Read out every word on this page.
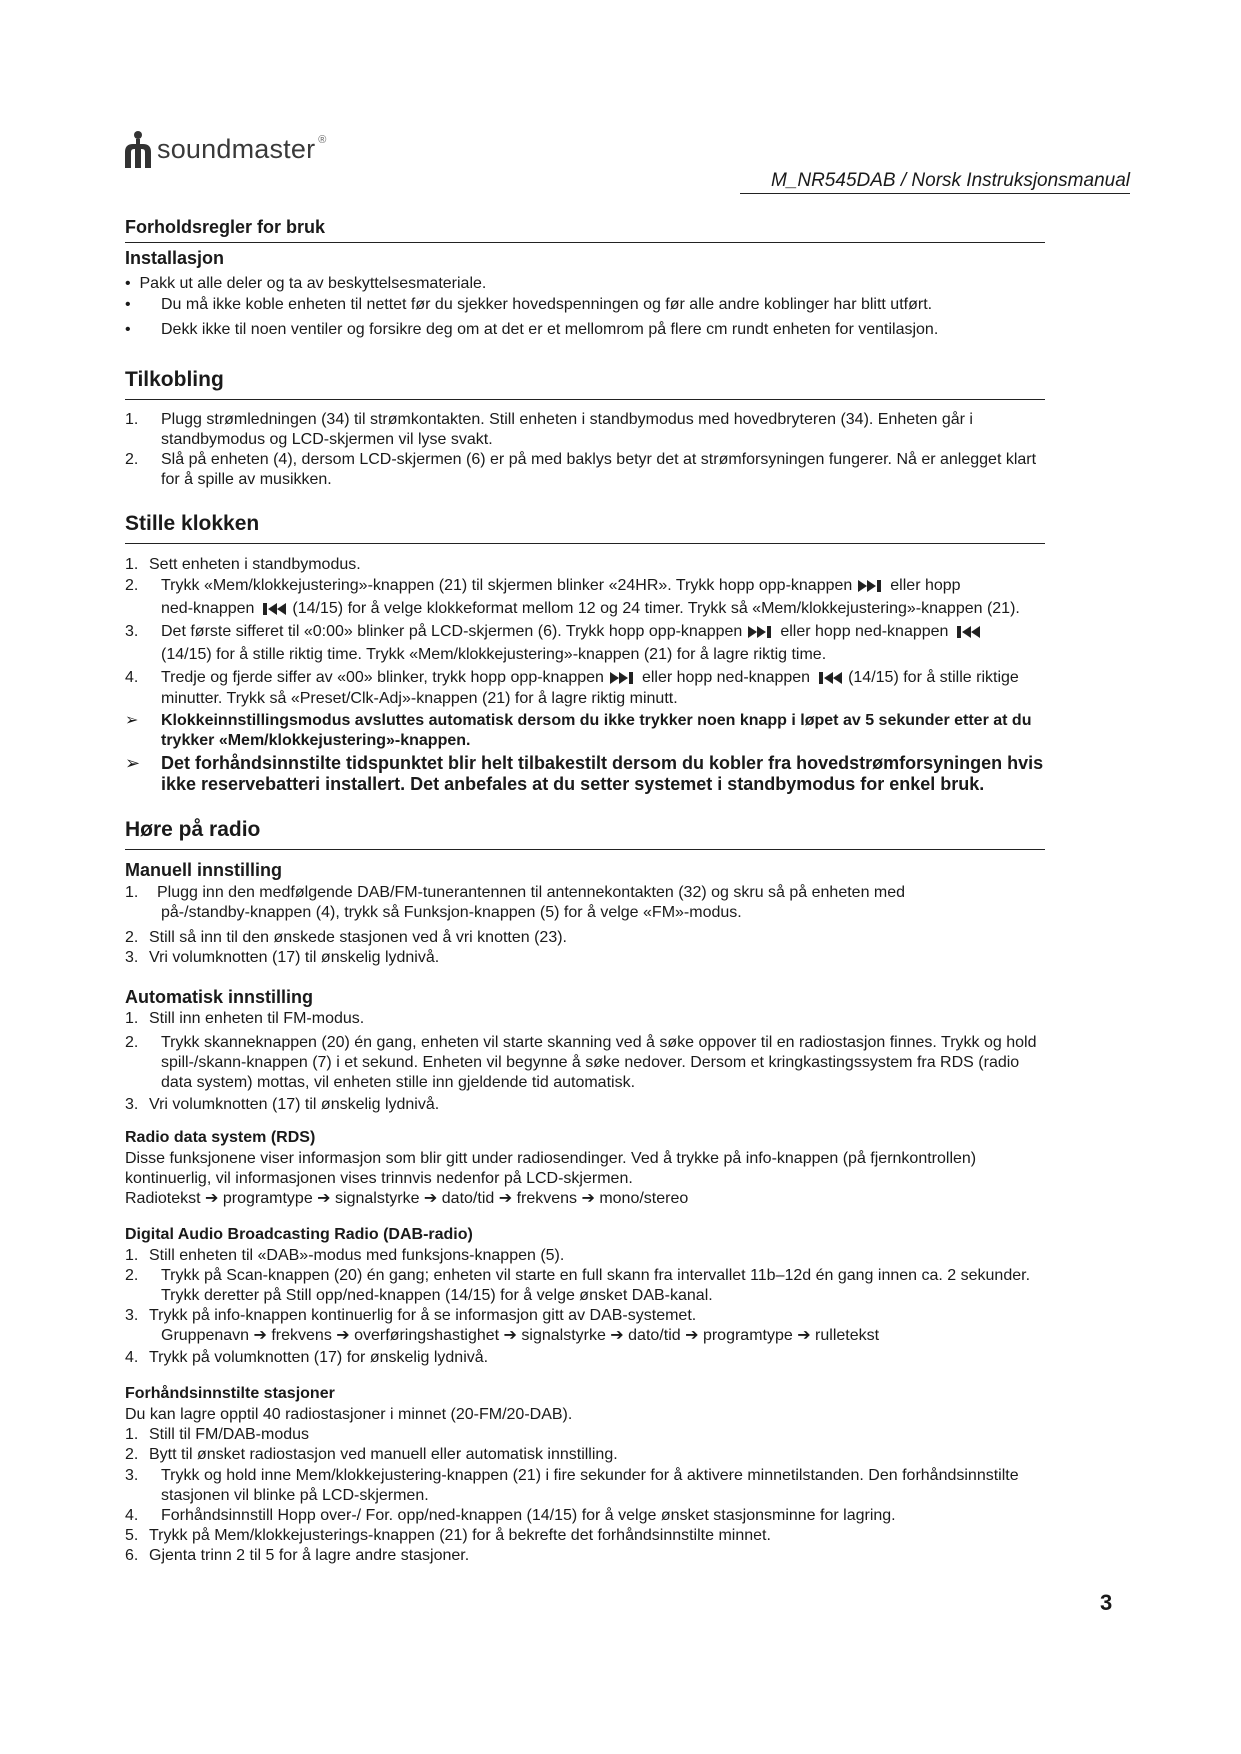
soundmaster ®
M_NR545DAB / Norsk Instruksjonsmanual
Forholdsregler for bruk
Installasjon
•  Pakk ut alle deler og ta av beskyttelsesmateriale.
• Du må ikke koble enheten til nettet før du sjekker hovedspenningen og før alle andre koblinger har blitt utført.
• Dekk ikke til noen ventiler og forsikre deg om at det er et mellomrom på flere cm rundt enheten for ventilasjon.
Tilkobling
1. Plugg strømledningen (34) til strømkontakten. Still enheten i standbymodus med hovedbryteren (34). Enheten går i
standbymodus og LCD-skjermen vil lyse svakt.
2. Slå på enheten (4), dersom LCD-skjermen (6) er på med baklys betyr det at strømforsyningen fungerer. Nå er anlegget klart
for å spille av musikken.
Stille klokken
1. Sett enheten i standbymodus.
2. Trykk «Mem/klokkejustering»-knappen (21) til skjermen blinker «24HR». Trykk hopp opp-knappen eller hopp
ned-knappen (14/15) for å velge klokkeformat mellom 12 og 24 timer. Trykk så «Mem/klokkejustering»-knappen (21).
3. Det første sifferet til «0:00» blinker på LCD-skjermen (6). Trykk hopp opp-knappen eller hopp ned-knappen
(14/15) for å stille riktig time. Trykk «Mem/klokkejustering»-knappen (21) for å lagre riktig time.
4. Tredje og fjerde siffer av «00» blinker, trykk hopp opp-knappen eller hopp ned-knappen (14/15) for å stille riktige
minutter. Trykk så «Preset/Clk-Adj»-knappen (21) for å lagre riktig minutt.
➢ Klokkeinnstillingsmodus avsluttes automatisk dersom du ikke trykker noen knapp i løpet av 5 sekunder etter at du
trykker «Mem/klokkejustering»-knappen.
➢ Det forhåndsinnstilte tidspunktet blir helt tilbakestilt dersom du kobler fra hovedstrømforsyningen hvis
ikke reservebatteri installert. Det anbefales at du setter systemet i standbymodus for enkel bruk.
Høre på radio
Manuell innstilling
1. Plugg inn den medfølgende DAB/FM-tunerantennen til antennekontakten (32) og skru så på enheten med
på-/standby-knappen (4), trykk så Funksjon-knappen (5) for å velge «FM»-modus.
2. Still så inn til den ønskede stasjonen ved å vri knotten (23).
3. Vri volumknotten (17) til ønskelig lydnivå.
Automatisk innstilling
1. Still inn enheten til FM-modus.
2. Trykk skanneknappen (20) én gang, enheten vil starte skanning ved å søke oppover til en radiostasjon finnes. Trykk og hold
spill-/skann-knappen (7) i et sekund. Enheten vil begynne å søke nedover. Dersom et kringkastingssystem fra RDS (radio
data system) mottas, vil enheten stille inn gjeldende tid automatisk.
3. Vri volumknotten (17) til ønskelig lydnivå.
Radio data system (RDS)
Disse funksjonene viser informasjon som blir gitt under radiosendinger. Ved å trykke på info-knappen (på fjernkontrollen)
kontinuerlig, vil informasjonen vises trinnvis nedenfor på LCD-skjermen.
Radiotekst ➔ programtype ➔ signalstyrke ➔ dato/tid ➔ frekvens ➔ mono/stereo
Digital Audio Broadcasting Radio (DAB-radio)
1. Still enheten til «DAB»-modus med funksjons-knappen (5).
2. Trykk på Scan-knappen (20) én gang; enheten vil starte en full skann fra intervallet 11b–12d én gang innen ca. 2 sekunder.
Trykk deretter på Still opp/ned-knappen (14/15) for å velge ønsket DAB-kanal.
3. Trykk på info-knappen kontinuerlig for å se informasjon gitt av DAB-systemet.
Gruppenavn ➔ frekvens ➔ overføringshastighet ➔ signalstyrke ➔ dato/tid ➔ programtype ➔ rulletekst
4. Trykk på volumknotten (17) for ønskelig lydnivå.
Forhåndsinnstilte stasjoner
Du kan lagre opptil 40 radiostasjoner i minnet (20-FM/20-DAB).
1. Still til FM/DAB-modus
2. Bytt til ønsket radiostasjon ved manuell eller automatisk innstilling.
3. Trykk og hold inne Mem/klokkejustering-knappen (21) i fire sekunder for å aktivere minnetilstanden. Den forhåndsinnstilte
stasjonen vil blinke på LCD-skjermen.
4. Forhåndsinnstill Hopp over-/ For. opp/ned-knappen (14/15) for å velge ønsket stasjonsminne for lagring.
5. Trykk på Mem/klokkejusterings-knappen (21) for å bekrefte det forhåndsinnstilte minnet.
6. Gjenta trinn 2 til 5 for å lagre andre stasjoner.
3
